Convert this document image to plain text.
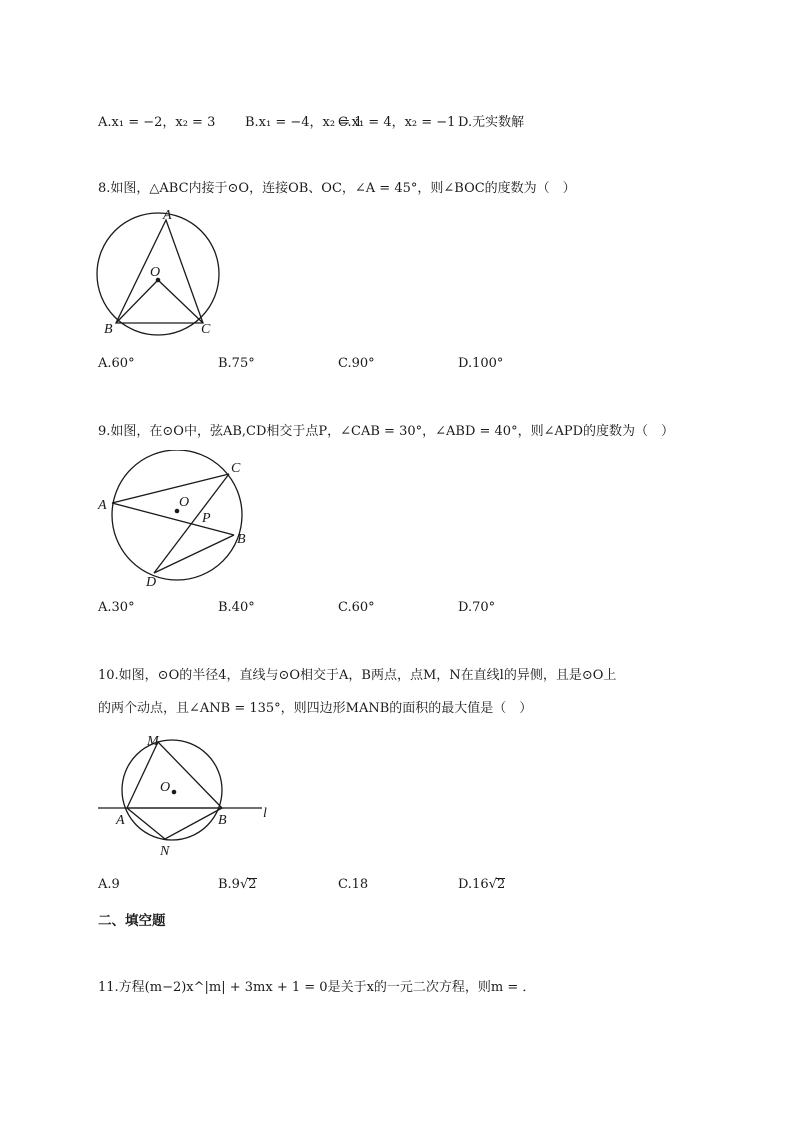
A.x₁ = −2，x₂ = 3 B.x₁ = −4，x₂ = 1
C.x₁ = 4，x₂ = −1 D.无实数解
8.如图，△ABC内接于⊙O，连接OB、OC，∠A = 45°，则∠BOC的度数为（　）
A
O
B	C
A.60°	B.75°	C.90°	D.100°
9.如图，在⊙O中，弦AB,CD相交于点P，∠CAB = 30°，∠ABD = 40°，则∠APD的度数为（　）
C
A	O
P
B
D
A.30°	B.40°	C.60°	D.70°
10.如图，⊙O的半径4，直线与⊙O相交于A，B两点，点M，N在直线l的异侧，且是⊙O上
的两个动点，且∠ANB = 135°，则四边形MANB的面积的最大值是（　）
M
O
A	B
N
l
A.9	B.9√2	C.18	D.16√2
二、填空题
11.方程(m−2)x^|m| + 3mx + 1 = 0是关于x的一元二次方程，则m = ．
